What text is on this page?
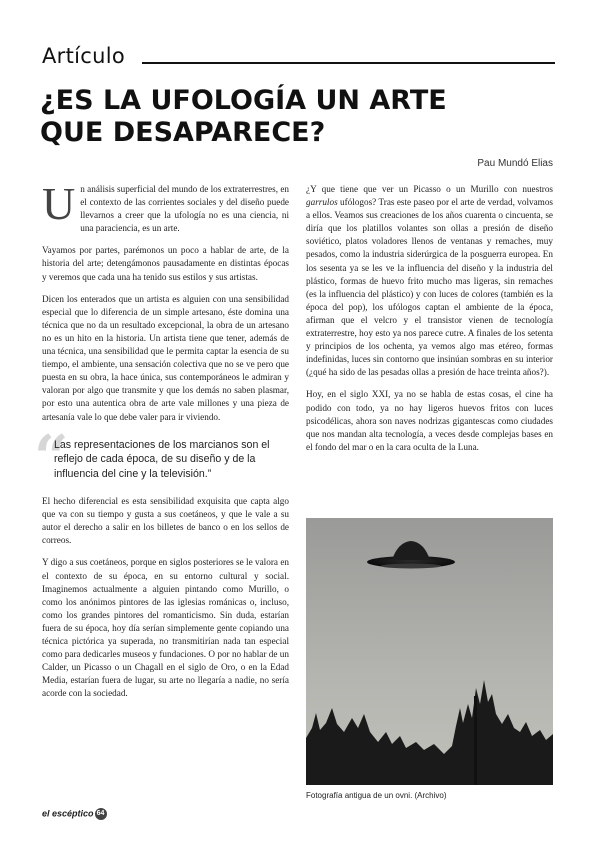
Artículo
¿ES LA UFOLOGÍA UN ARTE
QUE DESAPARECE?
Pau Mundó Elias

Un análisis superficial del mundo de los extraterrestres, en el contexto de las corrientes sociales y del diseño puede llevarnos a creer que la ufología no es una ciencia, ni una paraciencia, es un arte.

Vayamos por partes, parémonos un poco a hablar de arte, de la historia del arte; detengámonos pausadamente en distintas épocas y veremos que cada una ha tenido sus estilos y sus artistas.

Dicen los enterados que un artista es alguien con una sensibilidad especial que lo diferencia de un simple artesano, éste domina una técnica que no da un resultado excepcional, la obra de un artesano no es un hito en la historia. Un artista tiene que tener, además de una técnica, una sensibilidad que le permita captar la esencia de su tiempo, el ambiente, una sensación colectiva que no se ve pero que puesta en su obra, la hace única, sus contemporáneos le admiran y valoran por algo que transmite y que los demás no saben plasmar, por esto una autentica obra de arte vale millones y una pieza de artesanía vale lo que debe valer para ir viviendo.

“
Las representaciones de los marcianos son el reflejo de cada época, de su diseño y de la influencia del cine y la televisión.”

El hecho diferencial es esta sensibilidad exquisita que capta algo que va con su tiempo y gusta a sus coetáneos, y que le vale a su autor el derecho a salir en los billetes de banco o en los sellos de correos.

Y digo a sus coetáneos, porque en siglos posteriores se le valora en el contexto de su época, en su entorno cultural y social. Imaginemos actualmente a alguien pintando como Murillo, o como los anónimos pintores de las iglesias románicas o, incluso, como los grandes pintores del romanticismo. Sin duda, estarían fuera de su época, hoy día serían simplemente gente copiando una técnica pictórica ya superada, no transmitirían nada tan especial como para dedicarles museos y fundaciones. O por no hablar de un Calder, un Picasso o un Chagall en el siglo de Oro, o en la Edad Media, estarían fuera de lugar, su arte no llegaría a nadie, no sería acorde con la sociedad.

¿Y que tiene que ver un Picasso o un Murillo con nuestros garrulos ufólogos? Tras este paseo por el arte de verdad, volvamos a ellos. Veamos sus creaciones de los años cuarenta o cincuenta, se diría que los platillos volantes son ollas a presión de diseño soviético, platos voladores llenos de ventanas y remaches, muy pesados, como la industria siderúrgica de la posguerra europea. En los sesenta ya se les ve la influencia del diseño y la industria del plástico, formas de huevo frito mucho mas ligeras, sin remaches (es la influencia del plástico) y con luces de colores (también es la época del pop), los ufólogos captan el ambiente de la época, afirman que el velcro y el transistor vienen de tecnología extraterrestre, hoy esto ya nos parece cutre. A finales de los setenta y principios de los ochenta, ya vemos algo mas etéreo, formas indefinidas, luces sin contorno que insinúan sombras en su interior (¿qué ha sido de las pesadas ollas a presión de hace treinta años?).

Hoy, en el siglo XXI, ya no se habla de estas cosas, el cine ha podido con todo, ya no hay ligeros huevos fritos con luces psicodélicas, ahora son naves nodrizas gigantescas como ciudades que nos mandan alta tecnología, a veces desde complejas bases en el fondo del mar o en la cara oculta de la Luna.

Fotografía antigua de un ovni. (Archivo)
el escéptico 64
